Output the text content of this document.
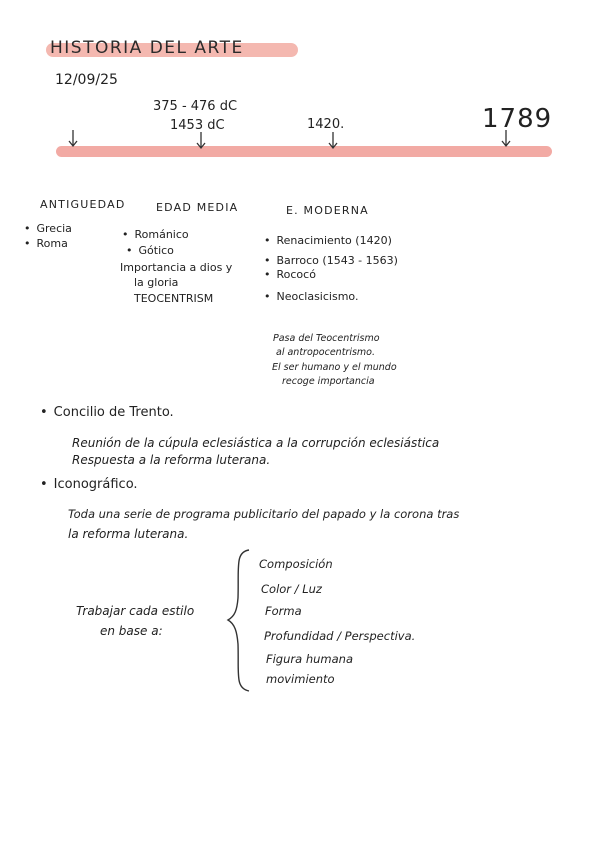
HISTORIA DEL ARTE
12/09/25
375 - 476 dC
1453 dC	1420.	1789
ANTIGUEDAD	EDAD MEDIA	E. MODERNA
• Grecia
• Roma
• Románico
• Gótico
Importancia a dios y
la gloria
TEOCENTRISM
• Renacimiento (1420)
• Barroco (1543 - 1563)
• Rococó
• Neoclasicismo.
Pasa del Teocentrismo
al antropocentrismo.
El ser humano y el mundo
recoge importancia
• Concilio de Trento.
Reunión de la cúpula eclesiástica a la corrupción eclesiástica
Respuesta a la reforma luterana.
• Iconográfico.
Toda una serie de programa publicitario del papado y la corona tras
la reforma luterana.
Trabajar cada estilo
en base a:
Composición
Color / Luz
Forma
Profundidad / Perspectiva.
Figura humana
movimiento
